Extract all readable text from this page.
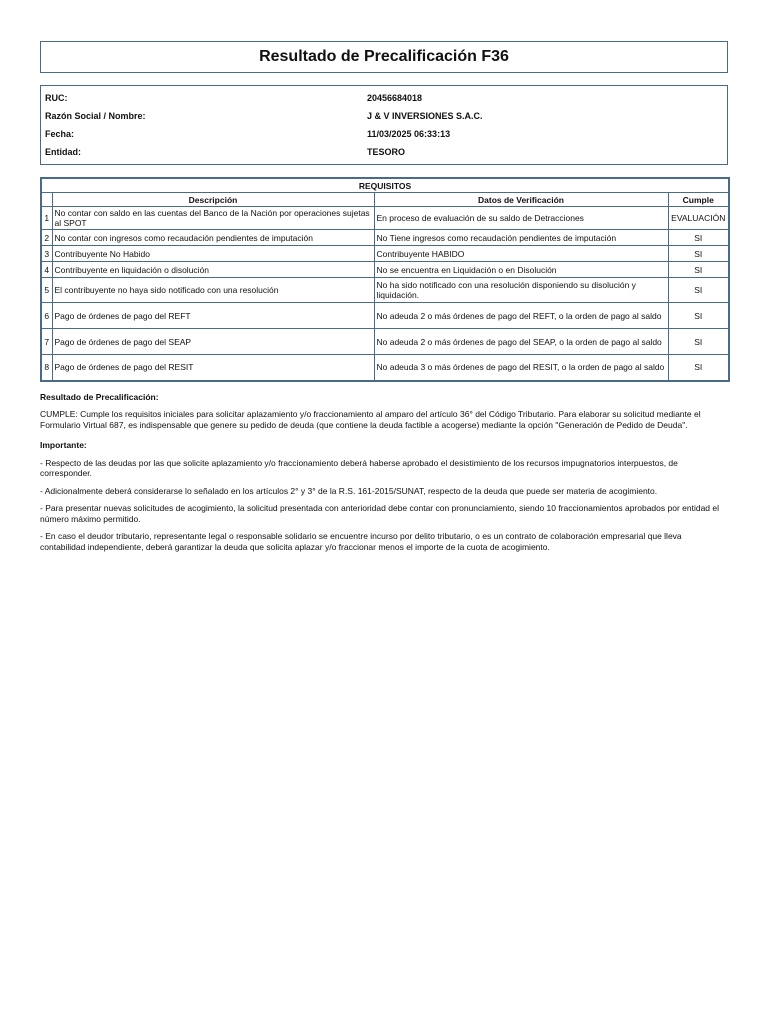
Resultado de Precalificación F36
RUC:	20456684018
Razón Social / Nombre:	J & V INVERSIONES S.A.C.
Fecha:	11/03/2025 06:33:13
Entidad:	TESORO
REQUISITOS			
	Descripción	Datos de Verificación	Cumple
1	No contar con saldo en las cuentas del Banco de la Nación por operaciones sujetas al SPOT	En proceso de evaluación de su saldo de Detracciones	EVALUACIÓN
2	No contar con ingresos como recaudación pendientes de imputación	No Tiene ingresos como recaudación pendientes de imputación	SI
3	Contribuyente No Habido	Contribuyente HABIDO	SI
4	Contribuyente en liquidación o disolución	No se encuentra en Liquidación o en Disolución	SI
5	El contribuyente no haya sido notificado con una resolución	No ha sido notificado con una resolución disponiendo su disolución y liquidación.	SI
6	Pago de órdenes de pago del REFT	No adeuda 2 o más órdenes de pago del REFT, o la orden de pago al saldo	SI
7	Pago de órdenes de pago del SEAP	No adeuda 2 o más órdenes de pago del SEAP, o la orden de pago al saldo	SI
8	Pago de órdenes de pago del RESIT	No adeuda 3 o más órdenes de pago del RESIT, o la orden de pago al saldo	SI
Resultado de Precalificación:

CUMPLE: Cumple los requisitos iniciales para solicitar aplazamiento y/o fraccionamiento al amparo del artículo 36° del Código Tributario. Para elaborar su solicitud mediante el Formulario Virtual 687, es indispensable que genere su pedido de deuda (que contiene la deuda factible a acogerse) mediante la opción "Generación de Pedido de Deuda".

Importante:

- Respecto de las deudas por las que solicite aplazamiento y/o fraccionamiento deberá haberse aprobado el desistimiento de los recursos impugnatorios interpuestos, de corresponder.

- Adicionalmente deberá considerarse lo señalado en los artículos 2° y 3° de la R.S. 161-2015/SUNAT, respecto de la deuda que puede ser materia de acogimiento.

- Para presentar nuevas solicitudes de acogimiento, la solicitud presentada con anterioridad debe contar con pronunciamiento, siendo 10 fraccionamientos aprobados por entidad el número máximo permitido.

- En caso el deudor tributario, representante legal o responsable solidario se encuentre incurso por delito tributario, o es un contrato de colaboración empresarial que lleva contabilidad independiente, deberá garantizar la deuda que solicita aplazar y/o fraccionar menos el importe de la cuota de acogimiento.
